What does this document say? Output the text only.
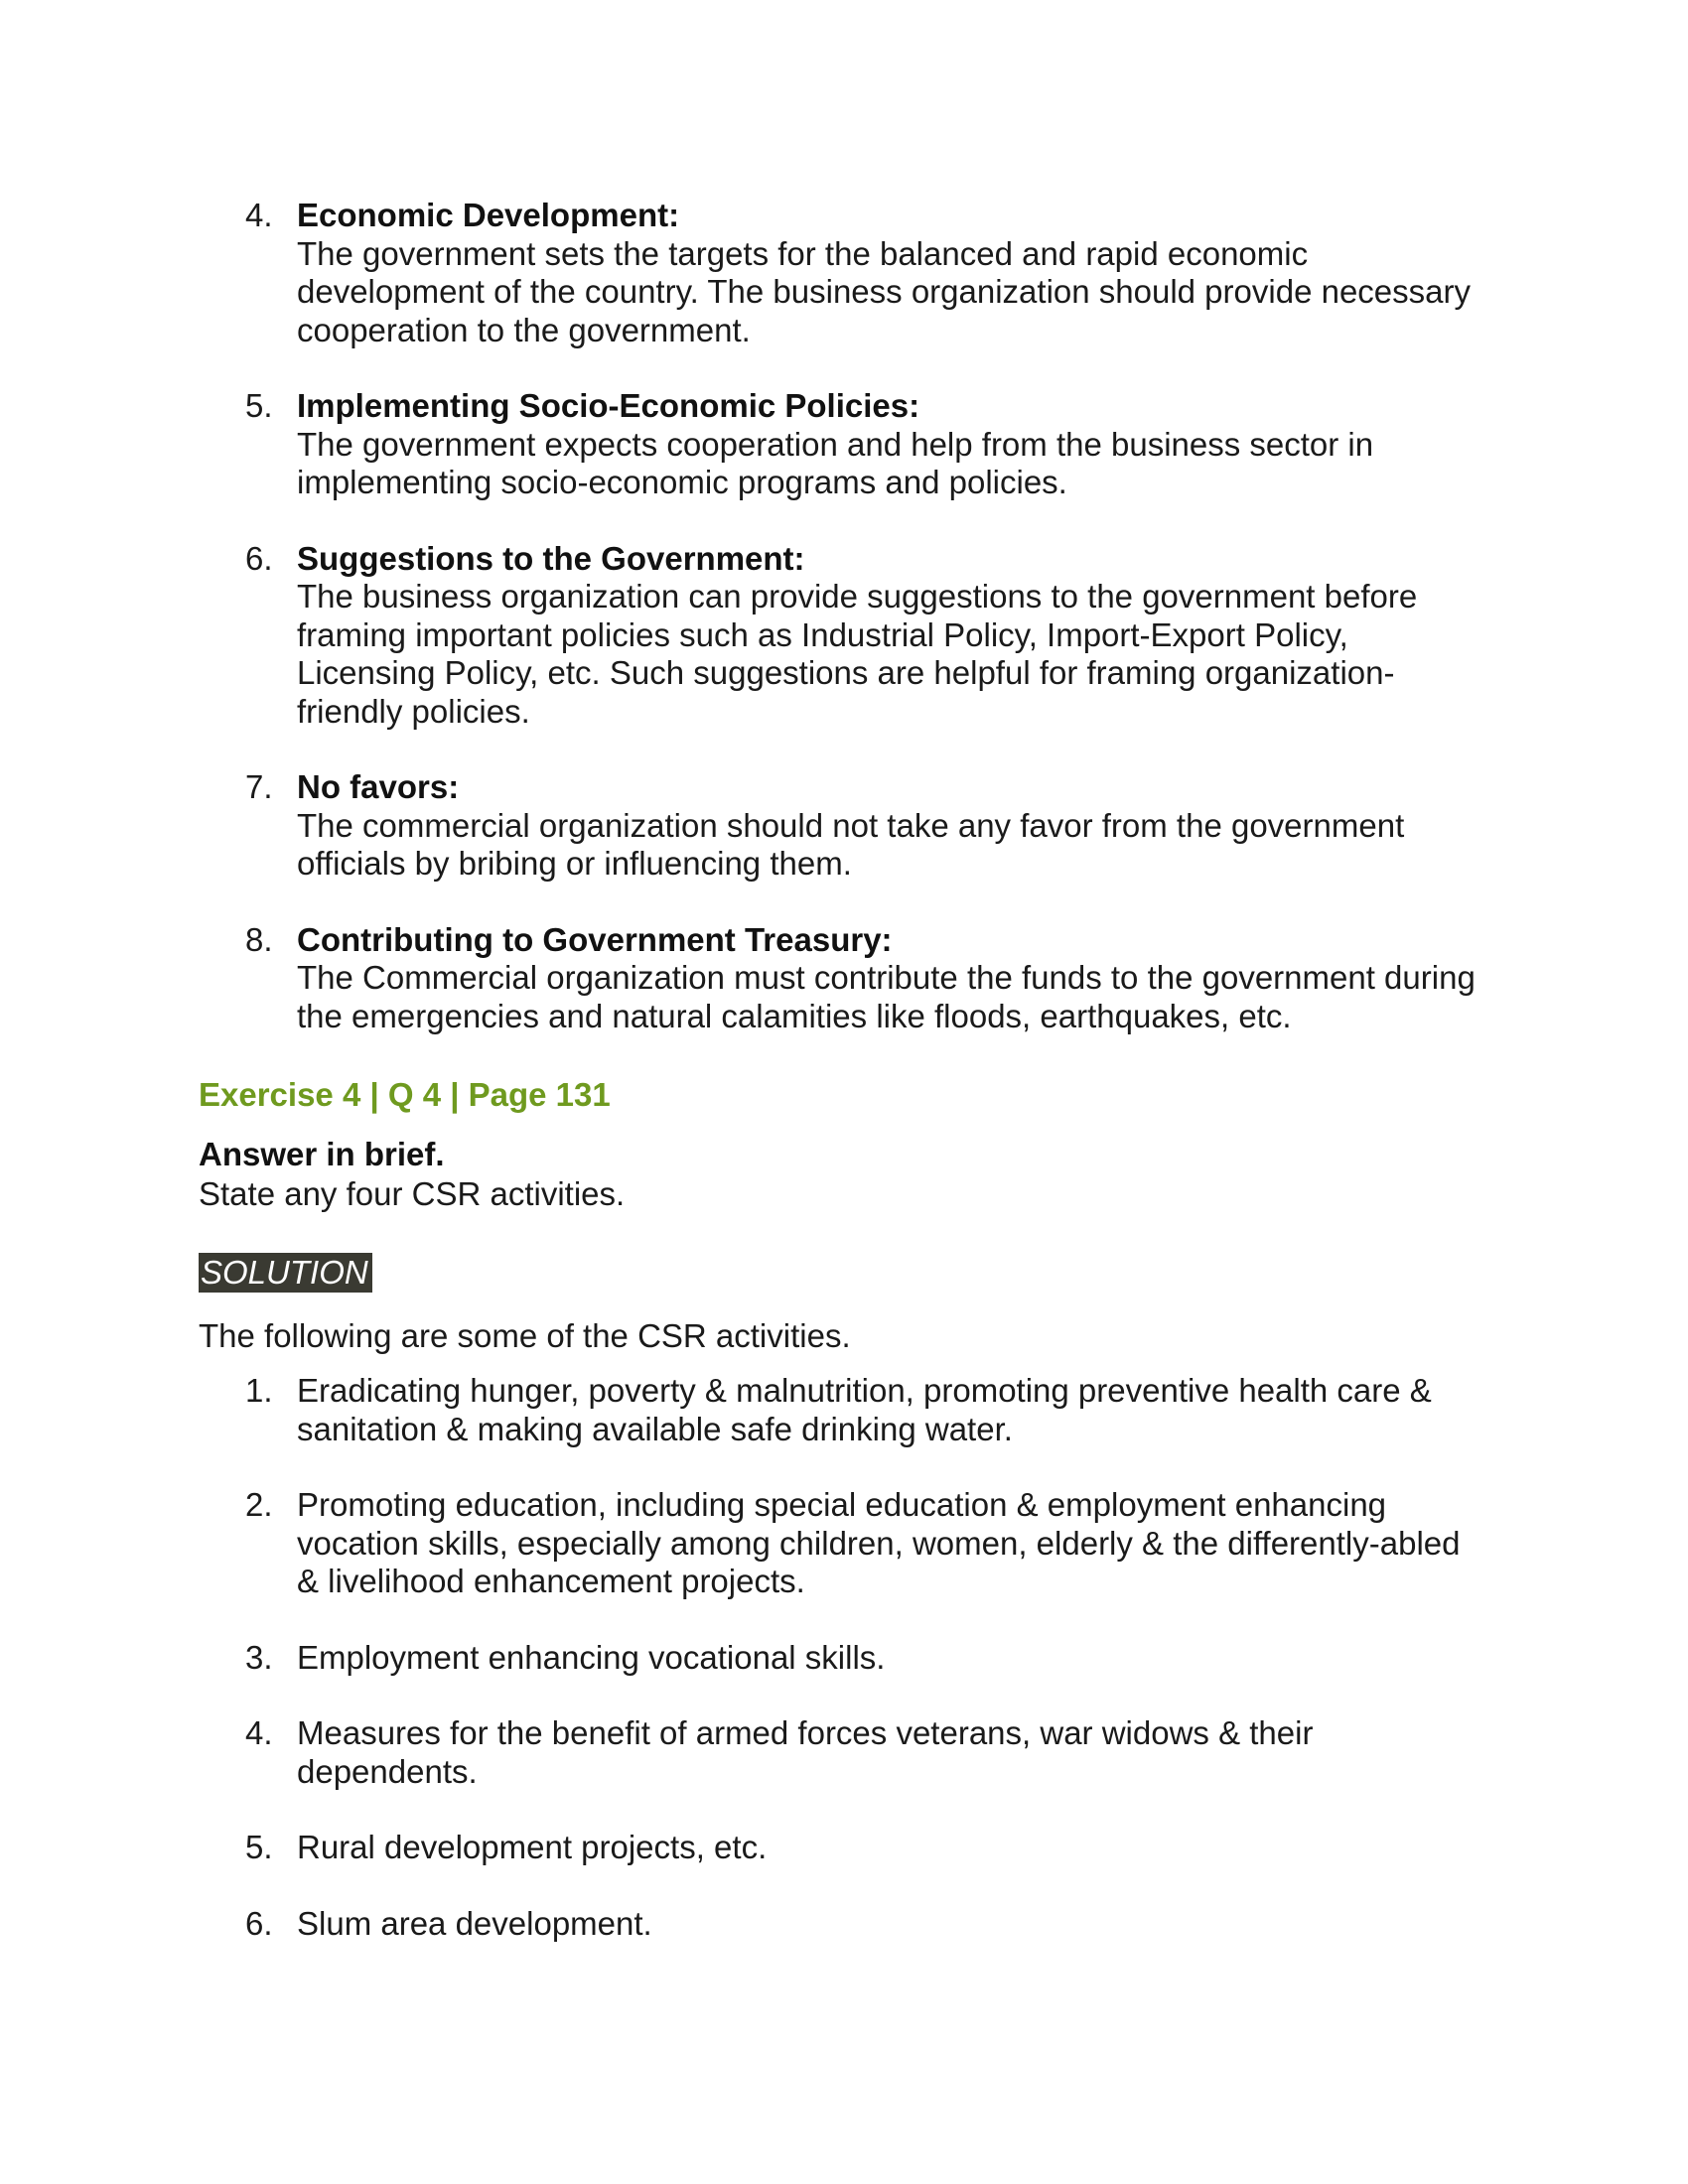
4. Economic Development:
The government sets the targets for the balanced and rapid economic
development of the country. The business organization should provide necessary
cooperation to the government.
5. Implementing Socio-Economic Policies:
The government expects cooperation and help from the business sector in
implementing socio-economic programs and policies.
6. Suggestions to the Government:
The business organization can provide suggestions to the government before
framing important policies such as Industrial Policy, Import-Export Policy,
Licensing Policy, etc. Such suggestions are helpful for framing organization-
friendly policies.
7. No favors:
The commercial organization should not take any favor from the government
officials by bribing or influencing them.
8. Contributing to Government Treasury:
The Commercial organization must contribute the funds to the government during
the emergencies and natural calamities like floods, earthquakes, etc.
Exercise 4 | Q 4 | Page 131
Answer in brief.
State any four CSR activities.
SOLUTION
The following are some of the CSR activities.
1. Eradicating hunger, poverty & malnutrition, promoting preventive health care &
sanitation & making available safe drinking water.
2. Promoting education, including special education & employment enhancing
vocation skills, especially among children, women, elderly & the differently-abled
& livelihood enhancement projects.
3. Employment enhancing vocational skills.
4. Measures for the benefit of armed forces veterans, war widows & their
dependents.
5. Rural development projects, etc.
6. Slum area development.
